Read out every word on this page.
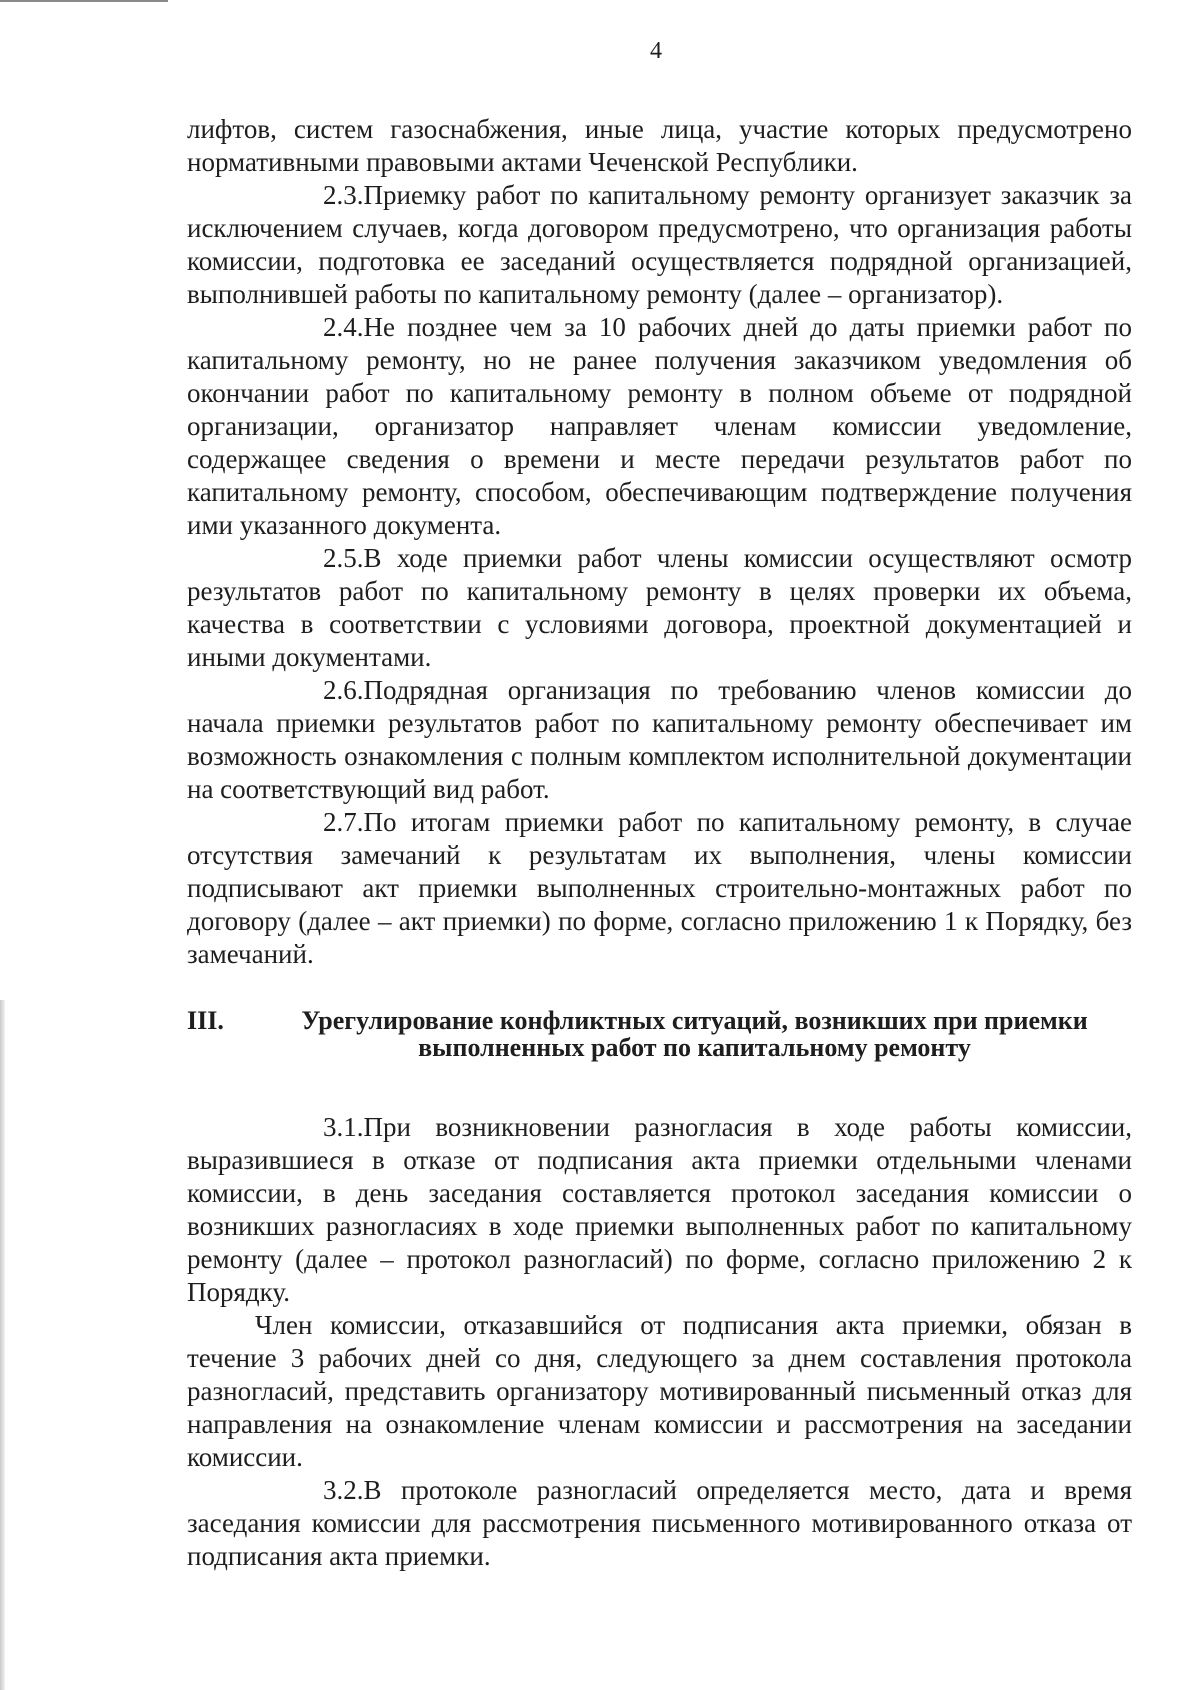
4

лифтов, систем газоснабжения, иные лица, участие которых предусмотрено нормативными правовыми актами Чеченской Республики.

2.3.Приемку работ по капитальному ремонту организует заказчик за исключением случаев, когда договором предусмотрено, что организация работы комиссии, подготовка ее заседаний осуществляется подрядной организацией, выполнившей работы по капитальному ремонту (далее – организатор).

2.4.Не позднее чем за 10 рабочих дней до даты приемки работ по капитальному ремонту, но не ранее получения заказчиком уведомления об окончании работ по капитальному ремонту в полном объеме от подрядной организации, организатор направляет членам комиссии уведомление, содержащее сведения о времени и месте передачи результатов работ по капитальному ремонту, способом, обеспечивающим подтверждение получения ими указанного документа.

2.5.В ходе приемки работ члены комиссии осуществляют осмотр результатов работ по капитальному ремонту в целях проверки их объема, качества в соответствии с условиями договора, проектной документацией и иными документами.

2.6.Подрядная организация по требованию членов комиссии до начала приемки результатов работ по капитальному ремонту обеспечивает им возможность ознакомления с полным комплектом исполнительной документации на соответствующий вид работ.

2.7.По итогам приемки работ по капитальному ремонту, в случае отсутствия замечаний к результатам их выполнения, члены комиссии подписывают акт приемки выполненных строительно-монтажных работ по договору (далее – акт приемки) по форме, согласно приложению 1 к Порядку, без замечаний.

III.	Урегулирование конфликтных ситуаций, возникших при приемки выполненных работ по капитальному ремонту

3.1.При возникновении разногласия в ходе работы комиссии, выразившиеся в отказе от подписания акта приемки отдельными членами комиссии, в день заседания составляется протокол заседания комиссии о возникших разногласиях в ходе приемки выполненных работ по капитальному ремонту (далее – протокол разногласий) по форме, согласно приложению 2 к Порядку.

Член комиссии, отказавшийся от подписания акта приемки, обязан в течение 3 рабочих дней со дня, следующего за днем составления протокола разногласий, представить организатору мотивированный письменный отказ для направления на ознакомление членам комиссии и рассмотрения на заседании комиссии.

3.2.В протоколе разногласий определяется место, дата и время заседания комиссии для рассмотрения письменного мотивированного отказа от подписания акта приемки.
